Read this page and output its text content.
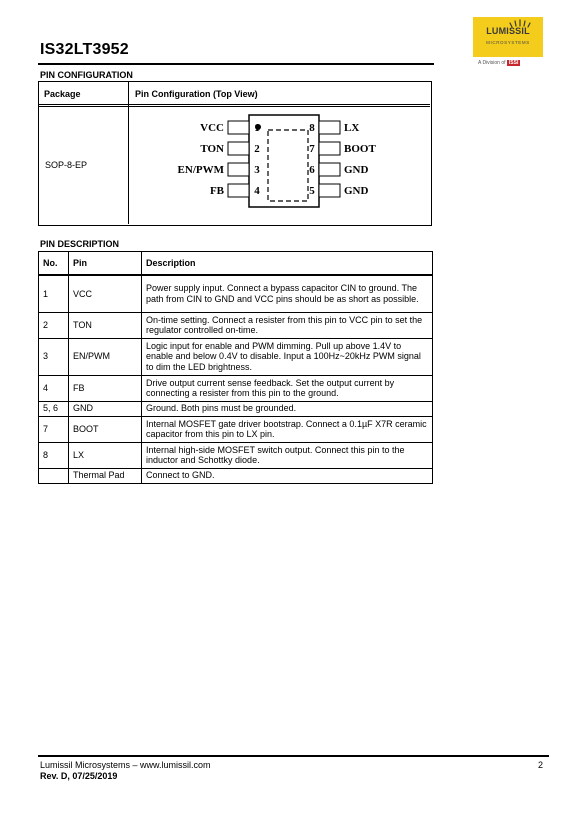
IS32LT3952
LUMISSIL
MICROSYSTEMS
A Division of ISSI
PIN CONFIGURATION
Package	Pin Configuration (Top View)
SOP-8-EP
VCC
TON
EN/PWM
FB
1
2
3
4
8
7
6
5
LX
BOOT
GND
GND
PIN DESCRIPTION
No.	Pin	Description
1	VCC	Power supply input. Connect a bypass capacitor CIN to ground. The path from CIN to GND and VCC pins should be as short as possible.
2	TON	On-time setting. Connect a resister from this pin to VCC pin to set the regulator controlled on-time.
3	EN/PWM	Logic input for enable and PWM dimming. Pull up above 1.4V to enable and below 0.4V to disable. Input a 100Hz~20kHz PWM signal to dim the LED brightness.
4	FB	Drive output current sense feedback. Set the output current by connecting a resister from this pin to the ground.
5, 6	GND	Ground. Both pins must be grounded.
7	BOOT	Internal MOSFET gate driver bootstrap. Connect a 0.1µF X7R ceramic capacitor from this pin to LX pin.
8	LX	Internal high-side MOSFET switch output. Connect this pin to the inductor and Schottky diode.
	Thermal Pad	Connect to GND.
Lumissil Microsystems – www.lumissil.com
Rev. D, 07/25/2019
2
